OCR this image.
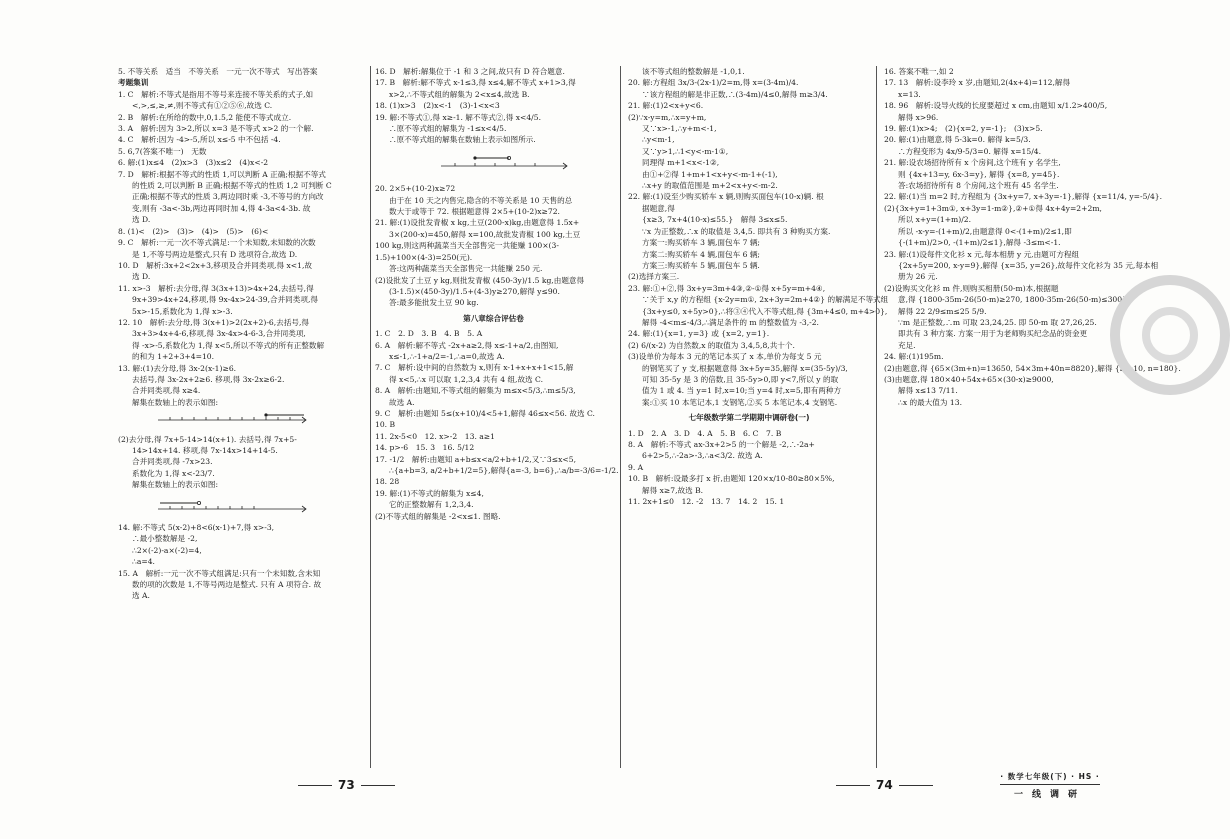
5. 不等关系　适当　不等关系　一元一次不等式　写出答案
考题集训
1. C　解析:不等式是指用不等号来连接不等关系的式子,如
<,>,≤,≥,≠,则不等式有①②⑤⑥,故选 C.
2. B　解析:在所给的数中,0,1.5,2 能使不等式成立.
3. A　解析:因为 3>2,所以 x=3 是不等式 x>2 的一个解.
4. C　解析:因为 -4>-5,所以 x≤-5 中不包括 -4.
5. 6,7(答案不唯一)　无数
6. 解:(1)x≤4　(2)x>3　(3)x≤2　(4)x<-2
7. D　解析:根据不等式的性质 1,可以判断 A 正确;根据不等式
的性质 2,可以判断 B 正确;根据不等式的性质 1,2 可判断 C
正确;根据不等式的性质 3,两边同时乘 -3,不等号的方向改
变,则有 -3a<-3b,两边再同时加 4,得 4-3a<4-3b. 故
选 D.
8. (1)<　(2)>　(3)>　(4)>　(5)>　(6)<
9. C　解析:一元一次不等式满足:一个未知数,未知数的次数
是 1,不等号两边是整式,只有 D 选项符合,故选 D.
10. D　解析:3x+2<2x+3,移项及合并同类项,得 x<1,故
选 D.
11. x>-3　解析:去分母,得 3(3x+13)>4x+24,去括号,得
9x+39>4x+24,移项,得 9x-4x>24-39,合并同类项,得
5x>-15,系数化为 1,得 x>-3.
12. 10　解析:去分母,得 3(x+1)>2(2x+2)-6,去括号,得
3x+3>4x+4-6,移项,得 3x-4x>4-6-3,合并同类项,
得 -x>-5,系数化为 1,得 x<5,所以不等式的所有正整数解
的和为 1+2+3+4=10.
13. 解:(1)去分母,得 3x-2(x-1)≥6.
去括号,得 3x-2x+2≥6. 移项,得 3x-2x≥6-2.
合并同类项,得 x≥4.
解集在数轴上的表示如图:
(2)去分母,得 7x+5-14>14(x+1). 去括号,得 7x+5-
14>14x+14. 移项,得 7x-14x>14+14-5.
合并同类项,得 -7x>23.
系数化为 1,得 x<-23/7.
解集在数轴上的表示如图:
14. 解:不等式 5(x-2)+8<6(x-1)+7,得 x>-3,
∴最小整数解是 -2,
∴2×(-2)-a×(-2)=4,
∴a=4.
15. A　解析:一元一次不等式组满足:只有一个未知数,含未知
数的项的次数是 1,不等号两边是整式. 只有 A 项符合. 故
选 A.
16. D　解析:解集位于 -1 和 3 之间,故只有 D 符合题意.
17. B　解析:解不等式 x-1≤3,得 x≤4,解不等式 x+1>3,得
x>2,∴不等式组的解集为 2<x≤4,故选 B.
18. (1)x>3　(2)x<-1　(3)-1<x<3
19. 解:不等式①,得 x≥-1. 解不等式②,得 x<4/5.
∴原不等式组的解集为 -1≤x<4/5.
∴原不等式组的解集在数轴上表示如图所示.
20. 2×5+(10-2)x≥72
由于在 10 天之内售完,隐含的不等关系是 10 天售的总
数大于或等于 72. 根据题意得 2×5+(10-2)x≥72.
21. 解:(1)设批发青椒 x kg,土豆(200-x)kg,由题意得 1.5x+
3×(200-x)=450,解得 x=100,故批发青椒 100 kg,土豆
100 kg,则这两种蔬菜当天全部售完一共能赚 100×(3-
1.5)+100×(4-3)=250(元).
答:这两种蔬菜当天全部售完一共能赚 250 元.
(2)设批发了土豆 y kg,则批发青椒 (450-3y)/1.5 kg,由题意得
(3-1.5)×(450-3y)/1.5+(4-3)y≥270,解得 y≤90.
答:最多能批发土豆 90 kg.
第八章综合评估卷
1. C　2. D　3. B　4. B　5. A
6. A　解析:解不等式 -2x+a≥2,得 x≤-1+a/2,由图知,
x≤-1,∴-1+a/2=-1,∴a=0,故选 A.
7. C　解析:设中间的自然数为 x,则有 x-1+x+x+1<15,解
得 x<5,∴x 可以取 1,2,3,4 共有 4 组,故选 C.
8. A　解析:由题知,不等式组的解集为 m≤x<5/3,∴m≤5/3,
故选 A.
9. C　解析:由题知 5≤(x+10)/4<5+1,解得 46≤x<56. 故选 C.
10. B
11. 2x-5<0　12. x>-2　13. a≥1
14. p>-6　15. 3　16. 5/12
17. -1/2　解析:由题知 a+b≤x<a/2+b+1/2,又∵3≤x<5,
∴{a+b=3, a/2+b+1/2=5},解得{a=-3, b=6},∴a/b=-3/6=-1/2.
18. 28
19. 解:(1)不等式的解集为 x≤4,
它的正整数解有 1,2,3,4.
(2)不等式组的解集是 -2<x≤1. 图略.
该不等式组的整数解是 -1,0,1.
20. 解:方程组 3x/3-(2x-1)/2=m,得 x=(3-4m)/4.
∵该方程组的解是非正数,∴(3-4m)/4≤0,解得 m≥3/4.
21. 解:(1)2<x+y<6.
(2)∵x-y=m,∴x=y+m,
又∵x>-1,∴y+m<-1,
∴y<m-1,
又∵y>1,∴1<y<-m-1①,
同理得 m+1<x<-1②,
由①+②得 1+m+1<x+y<-m-1+(-1),
∴x+y 的取值范围是 m+2<x+y<-m-2.
22. 解:(1)设至少购买轿车 x 辆,则购买面包车(10-x)辆. 根
据题意,得
{x≥3, 7x+4(10-x)≤55.}　解得 3≤x≤5.
∵x 为正整数,∴x 的取值是 3,4,5. 即共有 3 种购买方案.
方案一:购买轿车 3 辆,面包车 7 辆;
方案二:购买轿车 4 辆,面包车 6 辆;
方案三:购买轿车 5 辆,面包车 5 辆.
(2)选择方案三.
23. 解:①+②,得 3x+y=3m+4③,②-①得 x+5y=m+4④,
∵关于 x,y 的方程组 {x-2y=m①, 2x+3y=2m+4②} 的解满足不等式组
{3x+y≤0, x+5y>0},∴将③④代入不等式组,得 {3m+4≤0, m+4>0},
解得 -4<m≤-4/3,∴满足条件的 m 的整数值为 -3,-2.
24. 解:(1){x=1, y=3} 或 {x=2, y=1}.
(2) 6/(x-2) 为自然数,x 的取值为 3,4,5,8,共十个.
(3)设单价为每本 3 元的笔记本买了 x 本,单价为每支 5 元
的钢笔买了 y 支,根据题意得 3x+5y=35,解得 x=(35-5y)/3,
可知 35-5y 是 3 的倍数,且 35-5y>0,即 y<7,所以 y 的取
值为 1 或 4. 当 y=1 时,x=10;当 y=4 时,x=5,即有两种方
案:①买 10 本笔记本,1 支钢笔,②买 5 本笔记本,4 支钢笔.
七年级数学第二学期期中调研卷(一)
1. D　2. A　3. D　4. A　5. B　6. C　7. B
8. A　解析:不等式 ax-3x+2>5 的一个解是 -2,∴-2a+
6+2>5,∴-2a>-3,∴a<3/2. 故选 A.
9. A
10. B　解析:设最多打 x 折,由题知 120×x/10-80≥80×5%,
解得 x≥7,故选 B.
11. 2x+1≤0　12. -2　13. 7　14. 2　15. 1
16. 答案不唯一,如 2
17. 13　解析:设李玲 x 岁,由题知,2(4x+4)=112,解得
x=13.
18. 96　解析:设导火线的长度要超过 x cm,由题知 x/1.2>400/5,
解得 x>96.
19. 解:(1)x>4;　(2){x=2, y=-1};　(3)x>5.
20. 解:(1)由题意,得 5-3k=0. 解得 k=5/3.
∴方程变形为 4x/9-5/3=0. 解得 x=15/4.
21. 解:设农场招待所有 x 个房间,这个班有 y 名学生,
则 {4x+13=y, 6x-3=y}, 解得 {x=8, y=45}.
答:农场招待所有 8 个房间,这个班有 45 名学生.
22. 解:(1)当 m=2 时,方程组为 {3x+y=7, x+3y=-1},解得 {x=11/4, y=-5/4}.
(2){3x+y=1+3m①, x+3y=1-m②},②+①得 4x+4y=2+2m,
所以 x+y=(1+m)/2.
所以 -x-y=-(1+m)/2,由题意得 0<-(1+m)/2≤1,即
{-(1+m)/2>0, -(1+m)/2≤1},解得 -3≤m<-1.
23. 解:(1)设每件文化衫 x 元,每本相册 y 元,由题可方程组
{2x+5y=200, x-y=9},解得 {x=35, y=26},故每件文化衫为 35 元,每本相
册为 26 元.
(2)设购买文化衫 m 件,则购买相册(50-m)本,根据题
意,得 {1800-35m-26(50-m)≥270, 1800-35m-26(50-m)≤300},
解得 22 2/9≤m≤25 5/9.
∵m 是正整数,∴m 可取 23,24,25. 即 50-m 取 27,26,25.
即共有 3 种方案. 方案一用于为老师购买纪念品的资金更
充足.
24. 解:(1)195m.
(2)由题意,得 {65×(3m+n)=13650, 54×3m+40n=8820},解得 {m=10, n=180}.
(3)由题意,得 180×40+54x+65×(30-x)≥9000,
解得 x≤13 7/11.
∴x 的最大值为 13.
73	74
· 数学七年级(下) · HS ·
一线调研
